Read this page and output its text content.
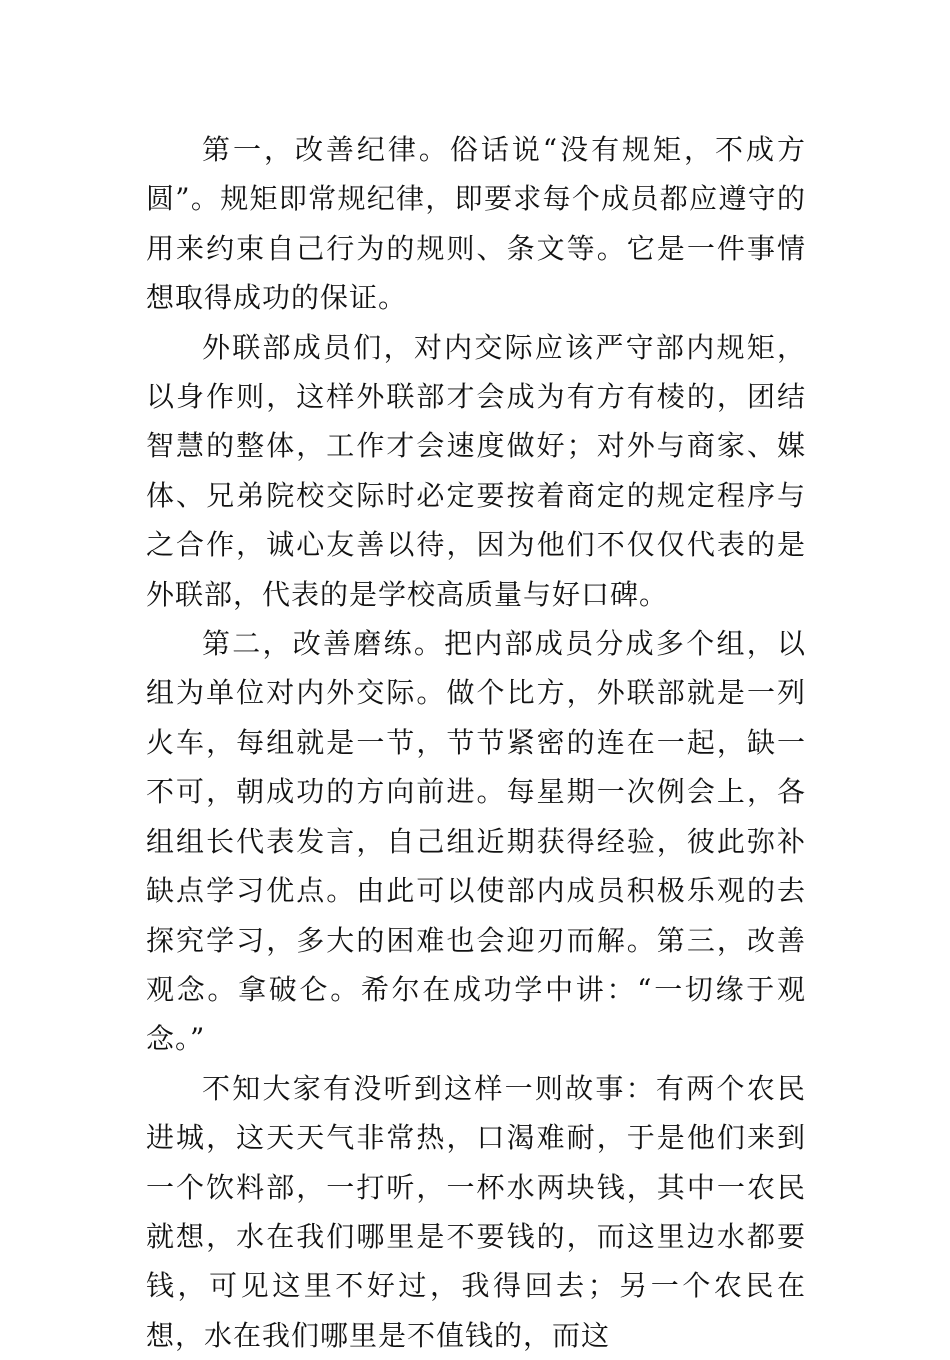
第一，改善纪律。俗话说“没有规矩，不成方圆”。规矩即常规纪律，即要求每个成员都应遵守的用来约束自己行为的规则、条文等。它是一件事情想取得成功的保证。

外联部成员们，对内交际应该严守部内规矩，以身作则，这样外联部才会成为有方有棱的，团结智慧的整体，工作才会速度做好；对外与商家、媒体、兄弟院校交际时必定要按着商定的规定程序与之合作，诚心友善以待，因为他们不仅仅代表的是外联部，代表的是学校高质量与好口碑。

第二，改善磨练。把内部成员分成多个组，以组为单位对内外交际。做个比方，外联部就是一列火车，每组就是一节，节节紧密的连在一起，缺一不可，朝成功的方向前进。每星期一次例会上，各组组长代表发言，自己组近期获得经验，彼此弥补缺点学习优点。由此可以使部内成员积极乐观的去探究学习，多大的困难也会迎刃而解。第三，改善观念。拿破仑。希尔在成功学中讲：“一切缘于观念。”

不知大家有没听到这样一则故事：有两个农民进城，这天天气非常热，口渴难耐，于是他们来到一个饮料部，一打听，一杯水两块钱，其中一农民就想，水在我们哪里是不要钱的，而这里边水都要钱，可见这里不好过，我得回去；另一个农民在想，水在我们哪里是不值钱的，而这
